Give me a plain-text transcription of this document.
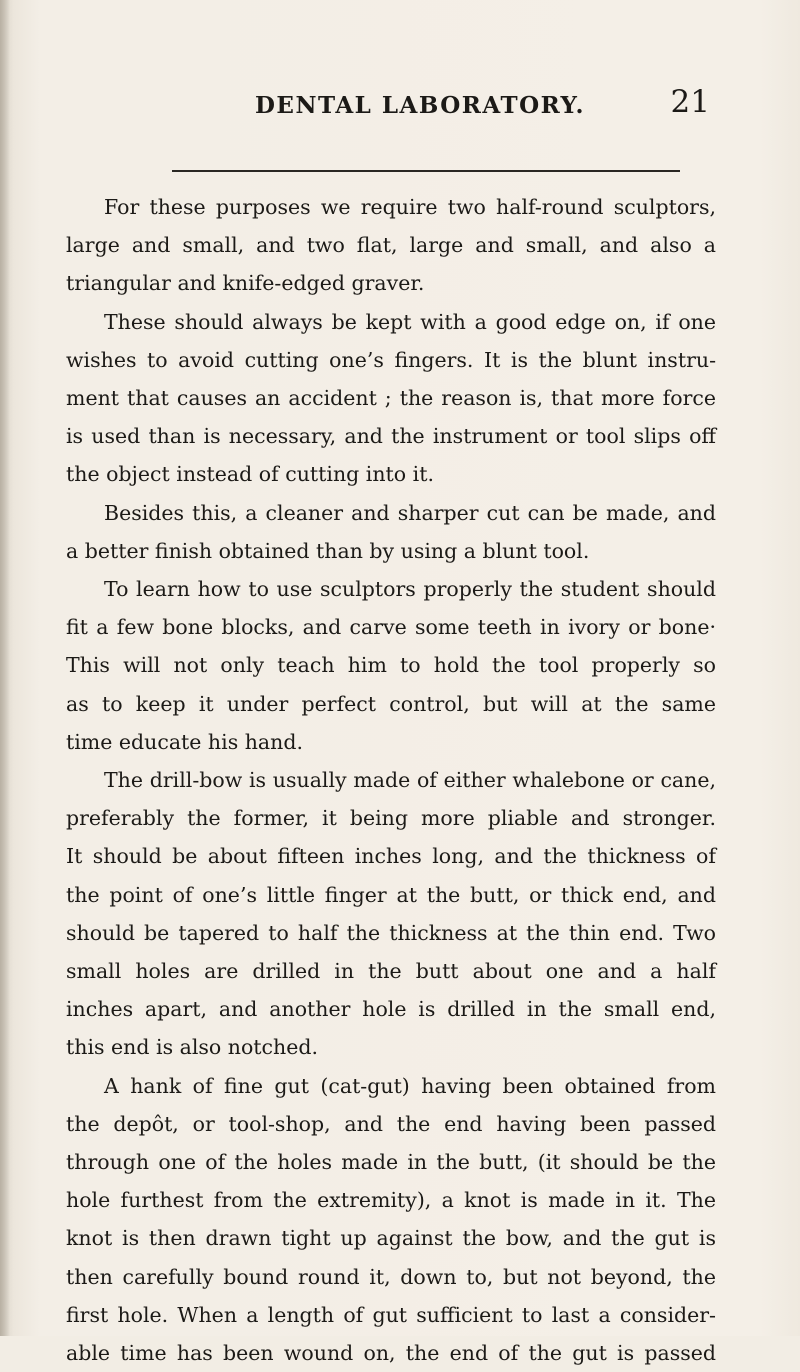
DENTAL LABORATORY.	21
For these purposes we require two half-round sculptors,
large and small, and two flat, large and small, and also a
triangular and knife-edged graver.
These should always be kept with a good edge on, if one
wishes to avoid cutting one’s fingers. It is the blunt instru-
ment that causes an accident ; the reason is, that more force
is used than is necessary, and the instrument or tool slips off
the object instead of cutting into it.
Besides this, a cleaner and sharper cut can be made, and
a better finish obtained than by using a blunt tool.
To learn how to use sculptors properly the student should
fit a few bone blocks, and carve some teeth in ivory or bone·
This will not only teach him to hold the tool properly so
as to keep it under perfect control, but will at the same
time educate his hand.
The drill-bow is usually made of either whalebone or cane,
preferably the former, it being more pliable and stronger.
It should be about fifteen inches long, and the thickness of
the point of one’s little finger at the butt, or thick end, and
should be tapered to half the thickness at the thin end. Two
small holes are drilled in the butt about one and a half
inches apart, and another hole is drilled in the small end,
this end is also notched.
A hank of fine gut (cat-gut) having been obtained from
the depôt, or tool-shop, and the end having been passed
through one of the holes made in the butt, (it should be the
hole furthest from the extremity), a knot is made in it. The
knot is then drawn tight up against the bow, and the gut is
then carefully bound round it, down to, but not beyond, the
first hole. When a length of gut sufficient to last a consider-
able time has been wound on, the end of the gut is passed
